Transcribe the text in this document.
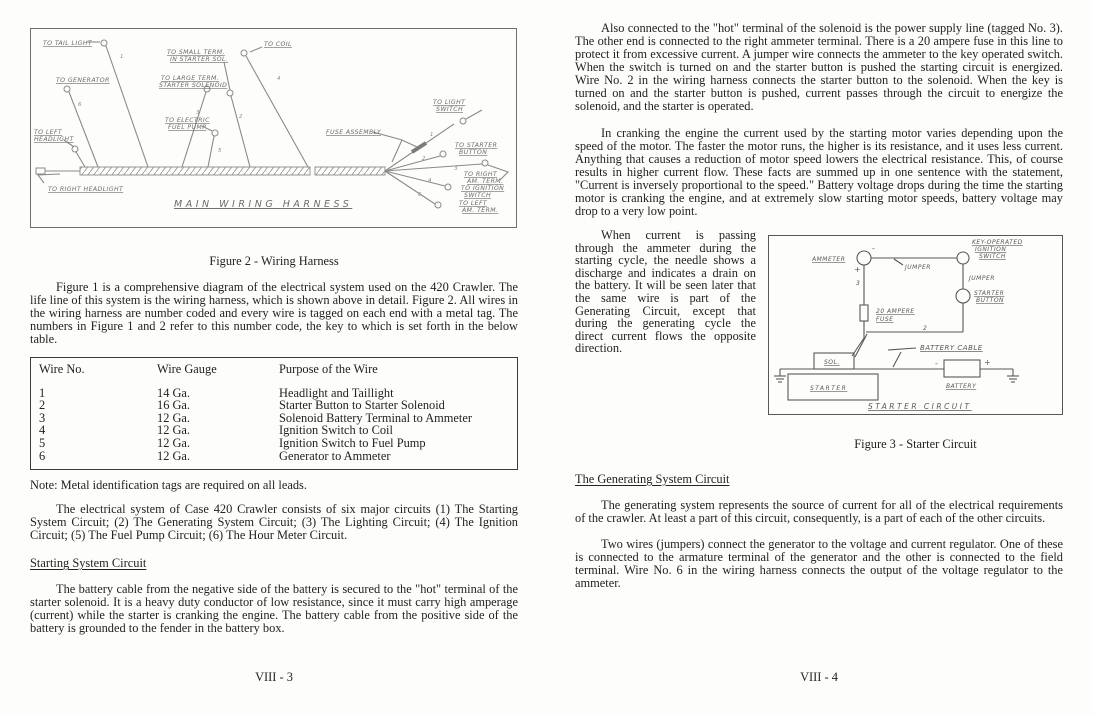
TO TAIL LIGHT
TO GENERATOR
TO LEFT
HEADLIGHT
TO RIGHT HEADLIGHT
TO SMALL TERM.
IN STARTER SOL.
TO LARGE TERM.
STARTER SOLENOID
TO ELECTRIC
FUEL PUMP
TO COIL
FUSE ASSEMBLY
TO LIGHT
SWITCH
TO STARTER
BUTTON
TO RIGHT
AM. TERM.
TO IGNITION
SWITCH
TO LEFT
AM. TERM.
1
6
3
2
4
5
1
2
3
4
6
MAIN WIRING HARNESS
Figure 2 - Wiring Harness

Figure 1 is a comprehensive diagram of the electrical system used on the 420 Crawler. The life line of this system is the wiring harness, which is shown above in detail. Figure 2. All wires in the wiring harness are number coded and every wire is tagged on each end with a metal tag. The numbers in Figure 1 and 2 refer to this number code, the key to which is set forth in the below table.

Wire No.	Wire Gauge	Purpose of the Wire
1	14 Ga.	Headlight and Taillight
2	16 Ga.	Starter Button to Starter Solenoid
3	12 Ga.	Solenoid Battery Terminal to Ammeter
4	12 Ga.	Ignition Switch to Coil
5	12 Ga.	Ignition Switch to Fuel Pump
6	12 Ga.	Generator to Ammeter

Note: Metal identification tags are required on all leads.

The electrical system of Case 420 Crawler consists of six major circuits (1) The Starting System Circuit; (2) The Generating System Circuit; (3) The Lighting Circuit; (4) The Ignition Circuit; (5) The Fuel Pump Circuit; (6) The Hour Meter Circuit.

Starting System Circuit

The battery cable from the negative side of the battery is secured to the "hot" terminal of the starter solenoid. It is a heavy duty conductor of low resistance, since it must carry high amperage (current) while the starter is cranking the engine. The battery cable from the positive side of the battery is grounded to the fender in the battery box.

VIII - 3

Also connected to the "hot" terminal of the solenoid is the power supply line (tagged No. 3). The other end is connected to the right ammeter terminal. There is a 20 ampere fuse in this line to protect it from excessive current. A jumper wire connects the ammeter to the key operated switch. When the switch is turned on and the starter button is pushed the starting circuit is energized. Wire No. 2 in the wiring harness connects the starter button to the solenoid. When the key is turned on and the starter button is pushed, current passes through the circuit to energize the solenoid, and the starter is operated.

In cranking the engine the current used by the starting motor varies depending upon the speed of the motor. The faster the motor runs, the higher is its resistance, and it uses less current. Anything that causes a reduction of motor speed lowers the electrical resistance. This, of course results in higher current flow. These facts are summed up in one sentence with the statement, "Current is inversely proportional to the speed." Battery voltage drops during the time the starting motor is cranking the engine, and at extremely slow starting motor speeds, battery voltage may drop to a very low point.

AMMETER
-
+	JUMPER
KEY-OPERATED
IGNITION
SWITCH
JUMPER
STARTER
BUTTON
3
20 AMPERE
FUSE
2
BATTERY CABLE
SOL.
STARTER	BATTERY
-	+
STARTER CIRCUIT
Figure 3 - Starter Circuit

When current is passing through the ammeter during the starting cycle, the needle shows a discharge and indicates a drain on the battery. It will be seen later that the same wire is part of the Generating Circuit, except that during the generating cycle the direct current flows the opposite direction.

The Generating System Circuit

The generating system represents the source of current for all of the electrical requirements of the crawler. At least a part of this circuit, consequently, is a part of each of the other circuits.

Two wires (jumpers) connect the generator to the voltage and current regulator. One of these is connected to the armature terminal of the generator and the other is connected to the field terminal. Wire No. 6 in the wiring harness connects the output of the voltage regulator to the ammeter.

VIII - 4
